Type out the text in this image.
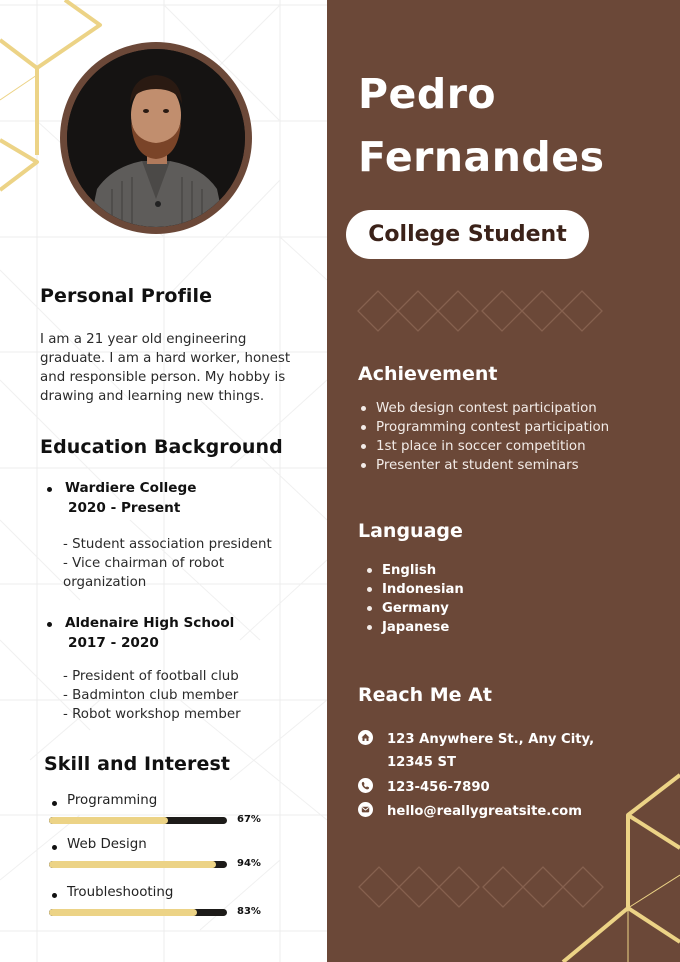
Personal Profile
I am a 21 year old engineering graduate. I am a hard worker, honest and responsible person. My hobby is drawing and learning new things.
Education Background
Wardiere College
2020 - Present
- Student association president
- Vice chairman of robot organization
Aldenaire High School
2017 - 2020
- President of football club
- Badminton club member
- Robot workshop member
Skill and Interest
Programming
67%
Web Design
94%
Troubleshooting
83%
Pedro
Fernandes
College Student
Achievement
Web design contest participation
Programming contest participation
1st place in soccer competition
Presenter at student seminars
Language
English
Indonesian
Germany
Japanese
Reach Me At
123 Anywhere St., Any City,
12345 ST
123-456-7890
hello@reallygreatsite.com
